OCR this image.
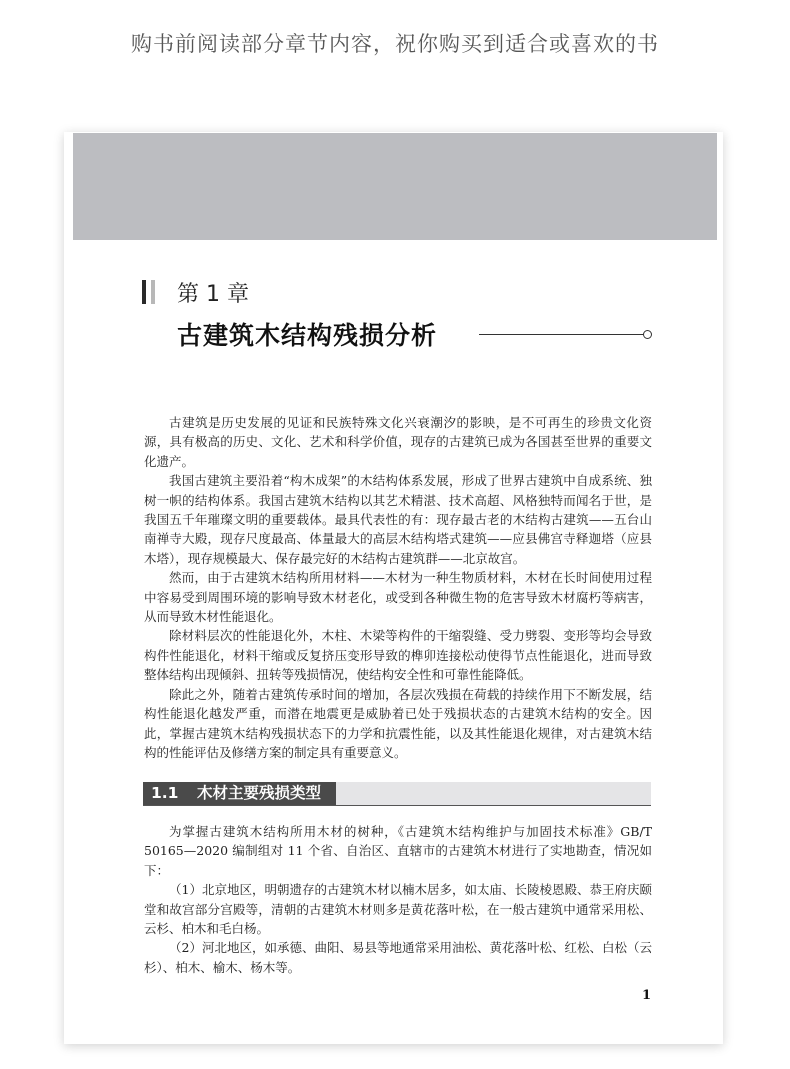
购书前阅读部分章节内容，祝你购买到适合或喜欢的书
第 1 章
古建筑木结构残损分析

古建筑是历史发展的见证和民族特殊文化兴衰潮汐的影映，是不可再生的珍贵文化资源，具有极高的历史、文化、艺术和科学价值，现存的古建筑已成为各国甚至世界的重要文化遗产。

我国古建筑主要沿着“构木成架”的木结构体系发展，形成了世界古建筑中自成系统、独树一帜的结构体系。我国古建筑木结构以其艺术精湛、技术高超、风格独特而闻名于世，是我国五千年璀璨文明的重要载体。最具代表性的有：现存最古老的木结构古建筑——五台山南禅寺大殿，现存尺度最高、体量最大的高层木结构塔式建筑——应县佛宫寺释迦塔（应县木塔），现存规模最大、保存最完好的木结构古建筑群——北京故宫。

然而，由于古建筑木结构所用材料——木材为一种生物质材料，木材在长时间使用过程中容易受到周围环境的影响导致木材老化，或受到各种微生物的危害导致木材腐朽等病害，从而导致木材性能退化。

除材料层次的性能退化外，木柱、木梁等构件的干缩裂缝、受力劈裂、变形等均会导致构件性能退化，材料干缩或反复挤压变形导致的榫卯连接松动使得节点性能退化，进而导致整体结构出现倾斜、扭转等残损情况，使结构安全性和可靠性能降低。

除此之外，随着古建筑传承时间的增加，各层次残损在荷载的持续作用下不断发展，结构性能退化越发严重，而潜在地震更是威胁着已处于残损状态的古建筑木结构的安全。因此，掌握古建筑木结构残损状态下的力学和抗震性能，以及其性能退化规律，对古建筑木结构的性能评估及修缮方案的制定具有重要意义。

1.1 木材主要残损类型

为掌握古建筑木结构所用木材的树种，《古建筑木结构维护与加固技术标准》GB/T 50165—2020 编制组对 11 个省、自治区、直辖市的古建筑木材进行了实地勘查，情况如下：

（1）北京地区，明朝遗存的古建筑木材以楠木居多，如太庙、长陵棱恩殿、恭王府庆颐堂和故宫部分宫殿等，清朝的古建筑木材则多是黄花落叶松，在一般古建筑中通常采用松、云杉、柏木和毛白杨。

（2）河北地区，如承德、曲阳、易县等地通常采用油松、黄花落叶松、红松、白松（云杉）、柏木、榆木、杨木等。

1
